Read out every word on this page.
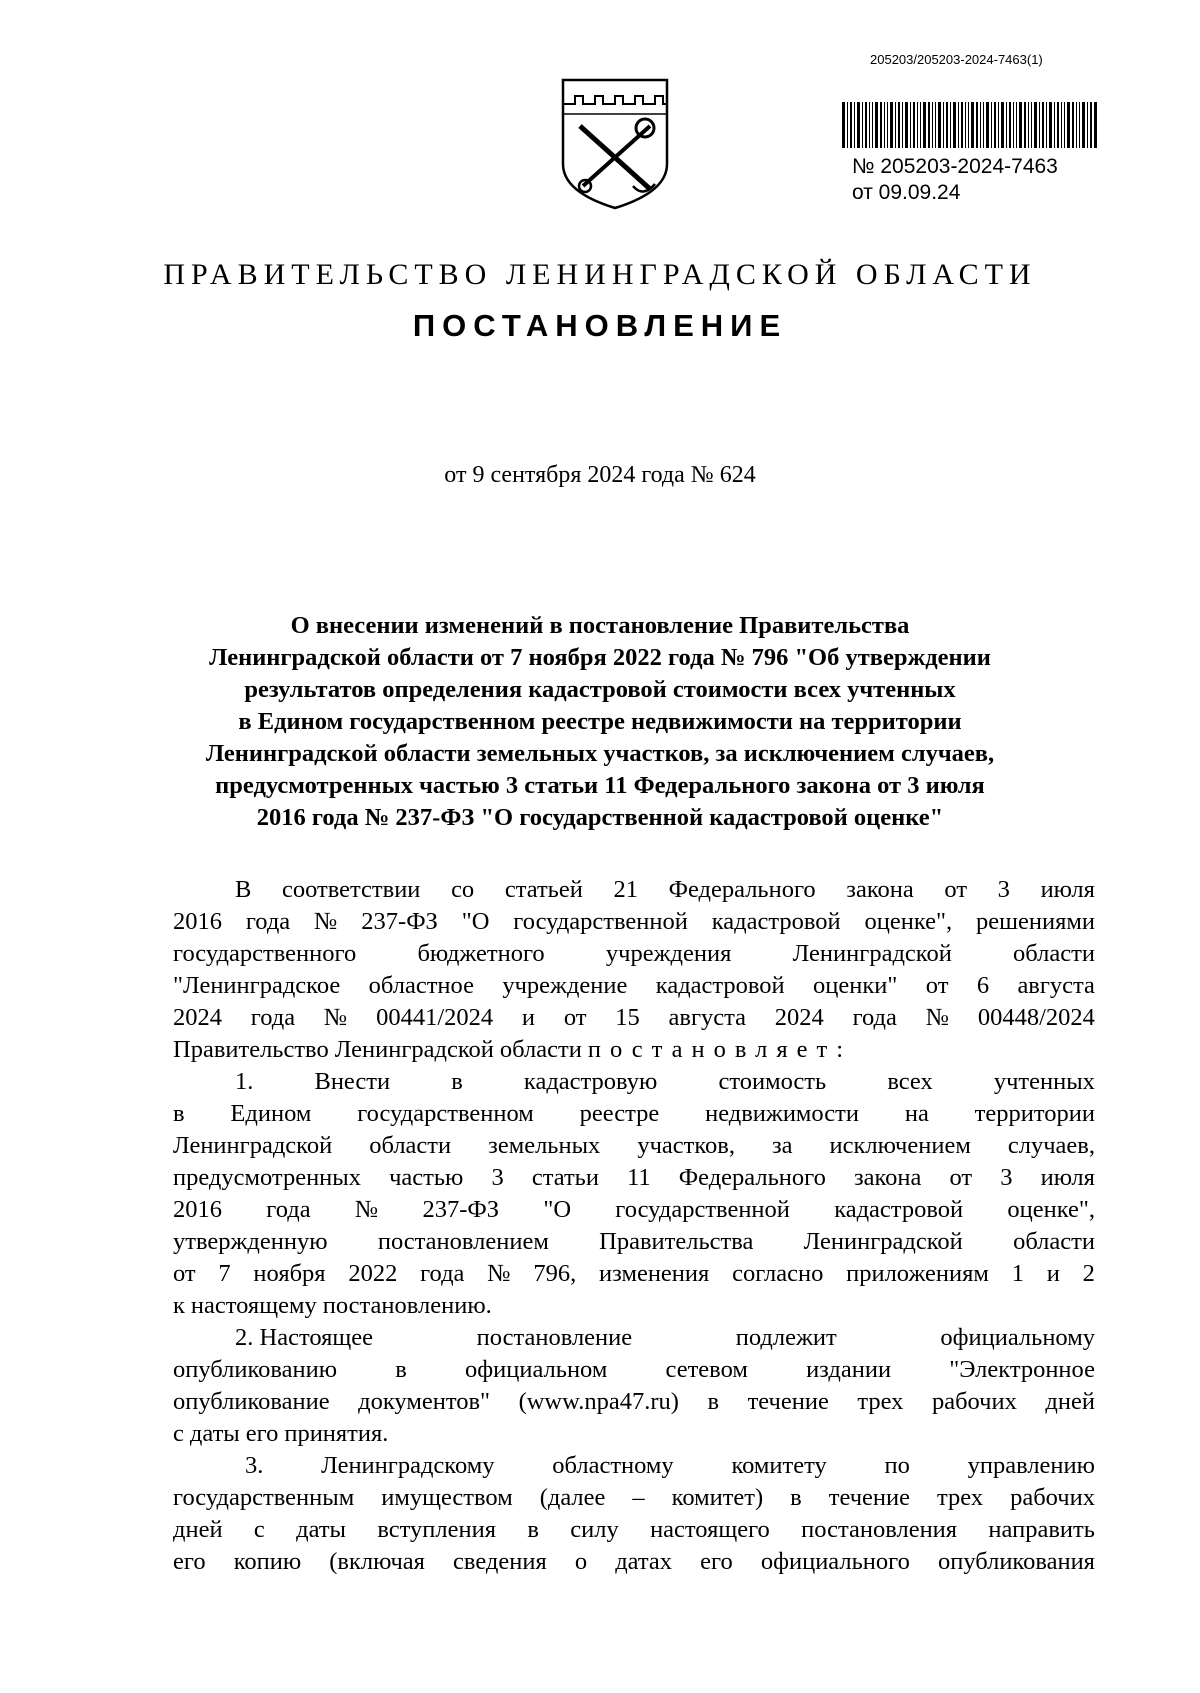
205203/205203-2024-7463(1)
№ 205203-2024-7463
от 09.09.24
ПРАВИТЕЛЬСТВО ЛЕНИНГРАДСКОЙ ОБЛАСТИ
ПОСТАНОВЛЕНИЕ
от 9 сентября 2024 года № 624
О внесении изменений в постановление Правительства
Ленинградской области от 7 ноября 2022 года № 796 "Об утверждении
результатов определения кадастровой стоимости всех учтенных
в Едином государственном реестре недвижимости на территории
Ленинградской области земельных участков, за исключением случаев,
предусмотренных частью 3 статьи 11 Федерального закона от 3 июля
2016 года № 237-ФЗ "О государственной кадастровой оценке"
В соответствии со статьей 21 Федерального закона от 3 июля
2016 года № 237-ФЗ "О государственной кадастровой оценке", решениями
государственного бюджетного учреждения Ленинградской области
"Ленинградское областное учреждение кадастровой оценки" от 6 августа
2024 года № 00441/2024 и от 15 августа 2024 года № 00448/2024
Правительство Ленинградской области постановляет:
1. Внести в кадастровую стоимость всех учтенных
в Едином государственном реестре недвижимости на территории
Ленинградской области земельных участков, за исключением случаев,
предусмотренных частью 3 статьи 11 Федерального закона от 3 июля
2016 года № 237-ФЗ "О государственной кадастровой оценке",
утвержденную постановлением Правительства Ленинградской области
от 7 ноября 2022 года № 796, изменения согласно приложениям 1 и 2
к настоящему постановлению.
2. Настоящее	постановление	подлежит	официальному
опубликованию в официальном сетевом издании "Электронное
опубликование документов" (www.npa47.ru) в течение трех рабочих дней
с даты его принятия.
3. Ленинградскому областному комитету по управлению
государственным имуществом (далее – комитет) в течение трех рабочих
дней с даты вступления в силу настоящего постановления направить
его копию (включая сведения о датах его официального опубликования
